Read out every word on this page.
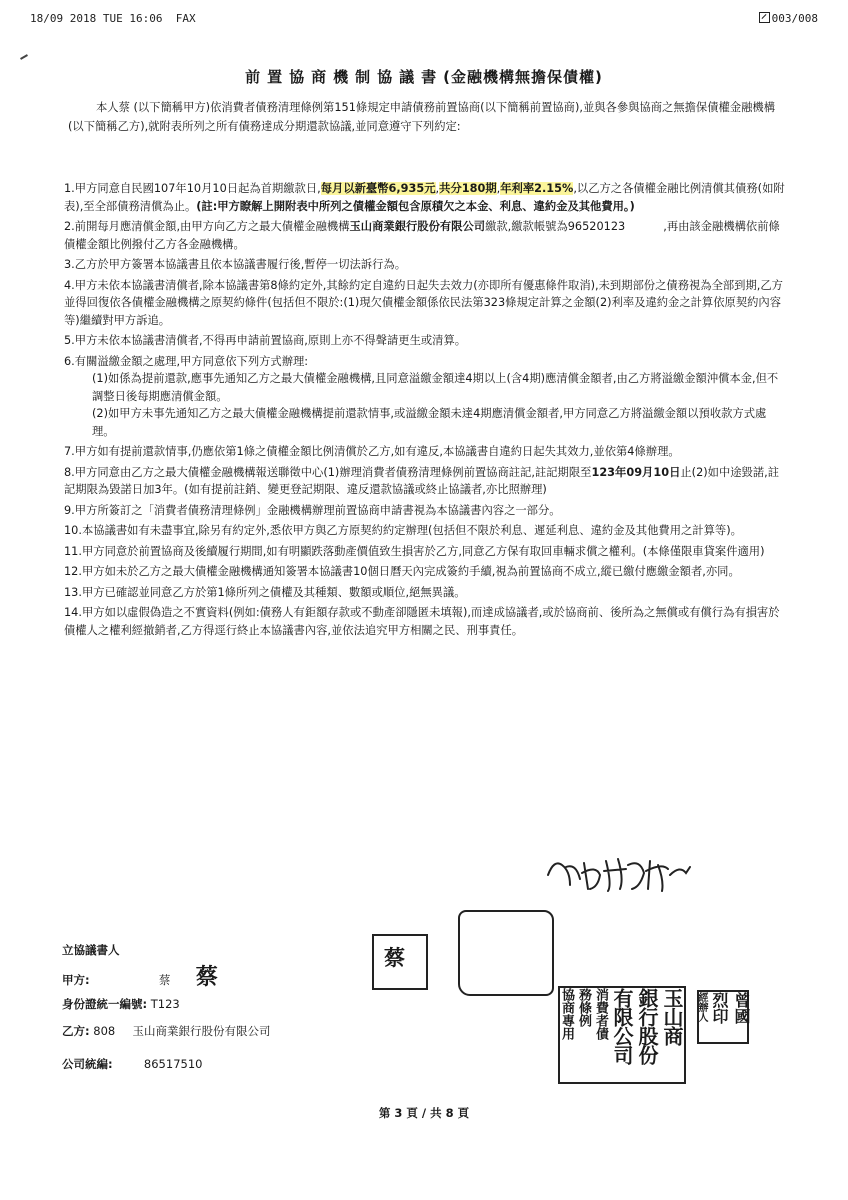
18/09 2018 TUE 16:06  FAX	003/008
前置協商機制協議書(金融機構無擔保債權)
本人蔡 (以下簡稱甲方)依消費者債務清理條例第151條規定申請債務前置協商(以下簡稱前置協商),並與各參與協商之無擔保債權金融機構(以下簡稱乙方),就附表所列之所有債務達成分期還款協議,並同意遵守下列約定:
1.甲方同意自民國107年10月10日起為首期繳款日,每月以新臺幣6,935元,共分180期,年利率2.15%,以乙方之各債權金融比例清償其債務(如附表),至全部債務清償為止。(註:甲方瞭解上開附表中所列之債權金額包含原積欠之本金、利息、違約金及其他費用。)
2.前開每月應清償金額,由甲方向乙方之最大債權金融機構玉山商業銀行股份有限公司繳款,繳款帳號為96520123	,再由該金融機構依前條債權金額比例撥付乙方各金融機構。
3.乙方於甲方簽署本協議書且依本協議書履行後,暫停一切法訴行為。
4.甲方未依本協議書清償者,除本協議書第8條約定外,其餘約定自違約日起失去效力(亦即所有優惠條件取消),未到期部份之債務視為全部到期,乙方並得回復依各債權金融機構之原契約條件(包括但不限於:(1)現欠債權金額係依民法第323條規定計算之金額(2)利率及違約金之計算依原契約內容等)繼續對甲方訴追。
5.甲方未依本協議書清償者,不得再申請前置協商,原則上亦不得聲請更生或清算。
6.有關溢繳金額之處理,甲方同意依下列方式辦理:
(1)如係為提前還款,應事先通知乙方之最大債權金融機構,且同意溢繳金額達4期以上(含4期)應清償金額者,由乙方將溢繳金額沖償本金,但不調整日後每期應清償金額。
(2)如甲方未事先通知乙方之最大債權金融機構提前還款情事,或溢繳金額未達4期應清償金額者,甲方同意乙方將溢繳金額以預收款方式處理。
7.甲方如有提前還款情事,仍應依第1條之債權金額比例清償於乙方,如有違反,本協議書自違約日起失其效力,並依第4條辦理。
8.甲方同意由乙方之最大債權金融機構報送聯徵中心(1)辦理消費者債務清理條例前置協商註記,註記期限至123年09月10日止(2)如中途毀諾,註記期限為毀諾日加3年。(如有提前註銷、變更登記期限、違反還款協議或終止協議者,亦比照辦理)
9.甲方所簽訂之「消費者債務清理條例」金融機構辦理前置協商申請書視為本協議書內容之一部分。
10.本協議書如有未盡事宜,除另有約定外,悉依甲方與乙方原契約約定辦理(包括但不限於利息、遲延利息、違約金及其他費用之計算等)。
11.甲方同意於前置協商及後續履行期間,如有明顯跌落動產價值致生損害於乙方,同意乙方保有取回車輛求償之權利。(本條僅限車貸案件適用)
12.甲方如未於乙方之最大債權金融機構通知簽署本協議書10個日曆天內完成簽約手續,視為前置協商不成立,縱已繳付應繳金額者,亦同。
13.甲方已確認並同意乙方於第1條所列之債權及其種類、數額或順位,絕無異議。
14.甲方如以虛假偽造之不實資料(例如:債務人有鉅額存款或不動產卻隱匿未填報),而達成協議者,或於協商前、後所為之無償或有償行為有損害於債權人之權利經撤銷者,乙方得逕行終止本協議書內容,並依法追究甲方相關之民、刑事責任。
立協議書人
甲方:	蔡 蔡
身份證統一編號: T123
乙方: 808 玉山商業銀行股份有限公司
公司統編:	86517510
蔡
玉山商
銀行股份
有限公司
消費者債
務條例
協商專用	曾國
烈印
經辦人
第 3 頁 / 共 8 頁
